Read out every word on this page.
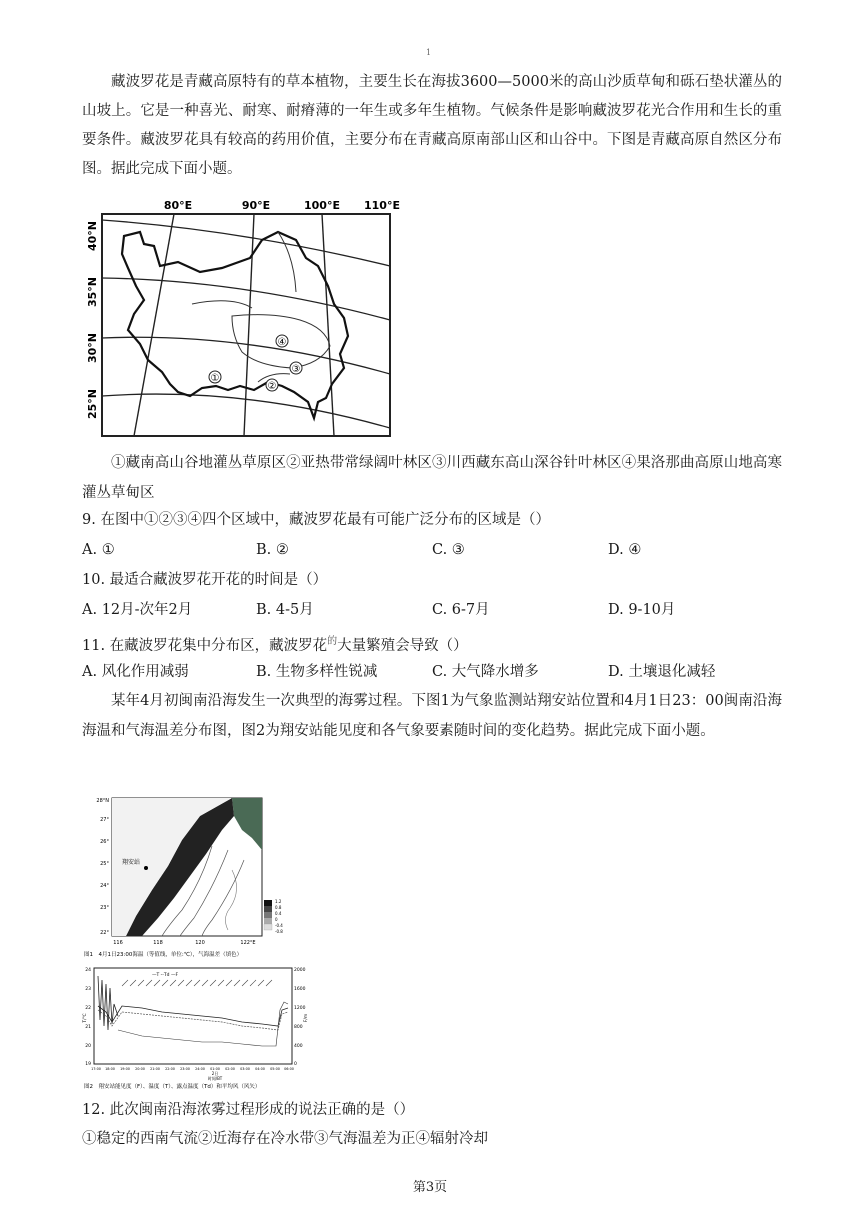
1
藏波罗花是青藏高原特有的草本植物，主要生长在海拔3600—5000米的高山沙质草甸和砾石垫状灌丛的山坡上。它是一种喜光、耐寒、耐瘠薄的一年生或多年生植物。气候条件是影响藏波罗花光合作用和生长的重要条件。藏波罗花具有较高的药用价值，主要分布在青藏高原南部山区和山谷中。下图是青藏高原自然区分布图。据此完成下面小题。
④
③
②
①
80°E	90°E	100°E 110°E
40°N
35°N
30°N
25°N
①藏南高山谷地灌丛草原区②亚热带常绿阔叶林区③川西藏东高山深谷针叶林区④果洛那曲高原山地高寒灌丛草甸区
9. 在图中①②③④四个区域中，藏波罗花最有可能广泛分布的区域是（）
A. ①	B. ②	C. ③	D. ④
10. 最适合藏波罗花开花的时间是（）
A. 12月-次年2月	B. 4-5月	C. 6-7月	D. 9-10月
11. 在藏波罗花集中分布区，藏波罗花$^的$大量繁殖会导致（）
A. 风化作用减弱	B. 生物多样性锐减	C. 大气降水增多	D. 土壤退化减轻
某年4月初闽南沿海发生一次典型的海雾过程。下图1为气象监测站翔安站位置和4月1日23：00闽南沿海海温和气海温差分布图，图2为翔安站能见度和各气象要素随时间的变化趋势。据此完成下面小题。
翔安站
28°N
27°
26°
25°
24°
23°
22°
116	118	120	122°E
1.2
0.8
0.4
0
-0.4
-0.8
图1　4月1日23:00海温（等值线，单位:℃），气海温差（填色）
—T ‑‑Td —F
24
23
22
21
20
19
T/℃
2000
1600
1200
800
400
0
F/m
17:00 18:00 19:00 20:00 21:00 22:00 23:00 24:00 01:00 02:00 03:00 04:00 05:00 06:00
2日
时间/BT
图2　翔安站能见度（F）、温度（T）、露点温度（Td）和平均风（风矢）
12. 此次闽南沿海浓雾过程形成的说法正确的是（）
①稳定的西南气流②近海存在冷水带③气海温差为正④辐射冷却
第3页
